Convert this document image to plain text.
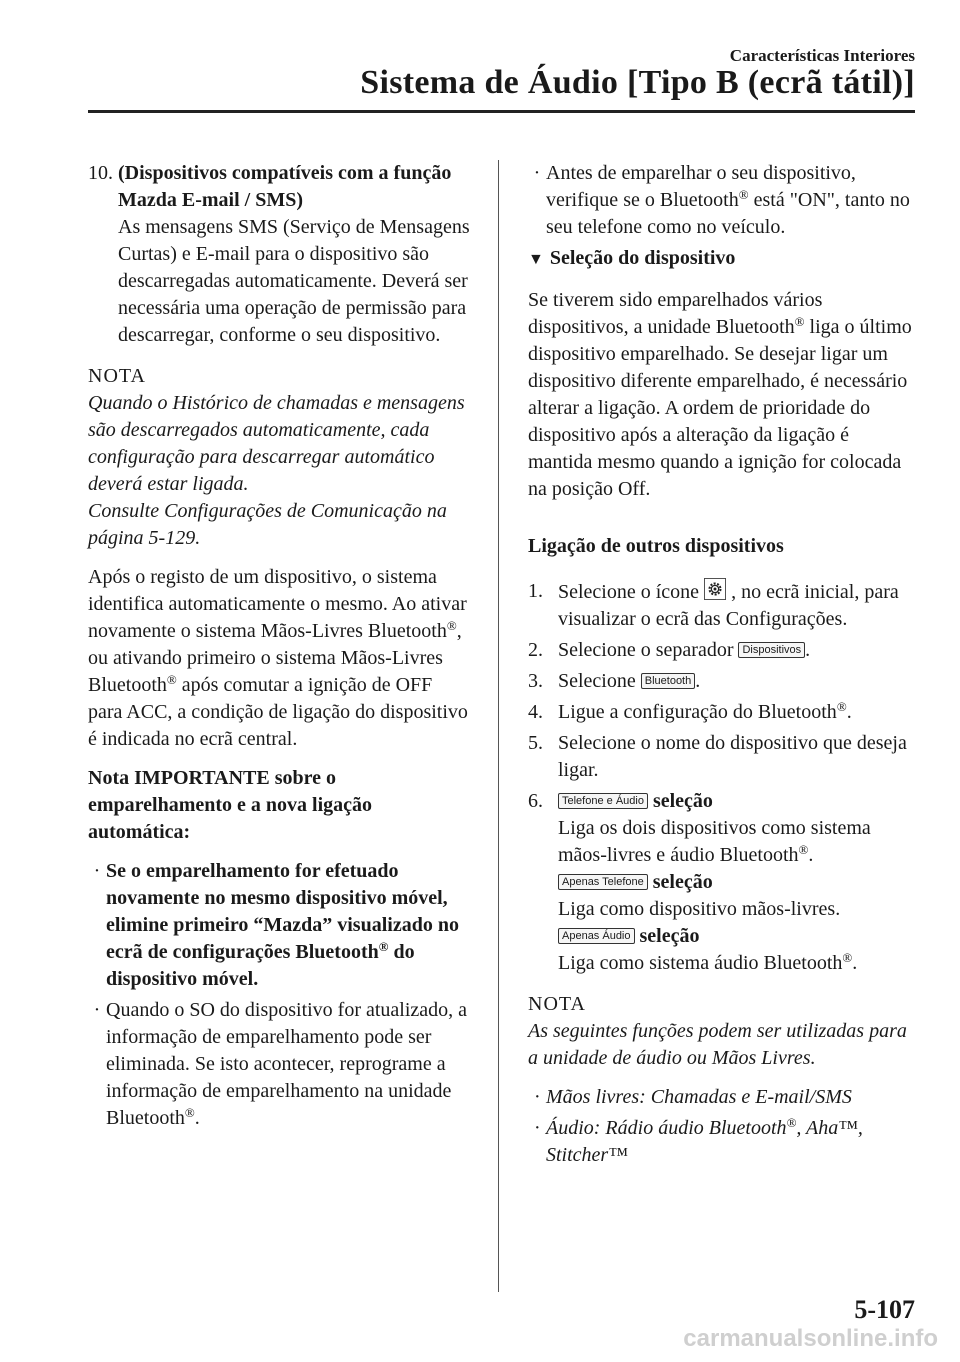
Características Interiores
Sistema de Áudio [Tipo B (ecrã tátil)]
10. (Dispositivos compatíveis com a função Mazda E-mail / SMS)
As mensagens SMS (Serviço de Mensagens Curtas) e E-mail para o dispositivo são descarregadas automaticamente. Deverá ser necessária uma operação de permissão para descarregar, conforme o seu dispositivo.

NOTA

Quando o Histórico de chamadas e mensagens são descarregados automaticamente, cada configuração para descarregar automático deverá estar ligada.

Consulte Configurações de Comunicação na página 5-129.

Após o registo de um dispositivo, o sistema identifica automaticamente o mesmo. Ao ativar novamente o sistema Mãos-Livres Bluetooth®, ou ativando primeiro o sistema Mãos-Livres Bluetooth® após comutar a ignição de OFF para ACC, a condição de ligação do dispositivo é indicada no ecrã central.

Nota IMPORTANTE sobre o emparelhamento e a nova ligação automática:

· Se o emparelhamento for efetuado novamente no mesmo dispositivo móvel, elimine primeiro “Mazda” visualizado no ecrã de configurações Bluetooth® do dispositivo móvel.
· Quando o SO do dispositivo for atualizado, a informação de emparelhamento pode ser eliminada. Se isto acontecer, reprograme a informação de emparelhamento na unidade Bluetooth®.
· Antes de emparelhar o seu dispositivo, verifique se o Bluetooth® está "ON", tanto no seu telefone como no veículo.
▼ Seleção do dispositivo

Se tiverem sido emparelhados vários dispositivos, a unidade Bluetooth® liga o último dispositivo emparelhado. Se desejar ligar um dispositivo diferente emparelhado, é necessário alterar a ligação. A ordem de prioridade do dispositivo após a alteração da ligação é mantida mesmo quando a ignição for colocada na posição Off.

Ligação de outros dispositivos

1. Selecione o ícone , no ecrã inicial, para visualizar o ecrã das Configurações.
2. Selecione o separador Dispositivos .
3. Selecione Bluetooth .
4. Ligue a configuração do Bluetooth®.
5. Selecione o nome do dispositivo que deseja ligar.
6.	Telefone e Áudio seleção
Liga os dois dispositivos como sistema mãos-livres e áudio Bluetooth®.
Apenas Telefone seleção
Liga como dispositivo mãos-livres.
Apenas Áudio seleção
Liga como sistema áudio Bluetooth®.

NOTA

As seguintes funções podem ser utilizadas para a unidade de áudio ou Mãos Livres.

· Mãos livres: Chamadas e E-mail/SMS
· Áudio: Rádio áudio Bluetooth®, Aha™, Stitcher™
5-107
carmanualsonline.info
